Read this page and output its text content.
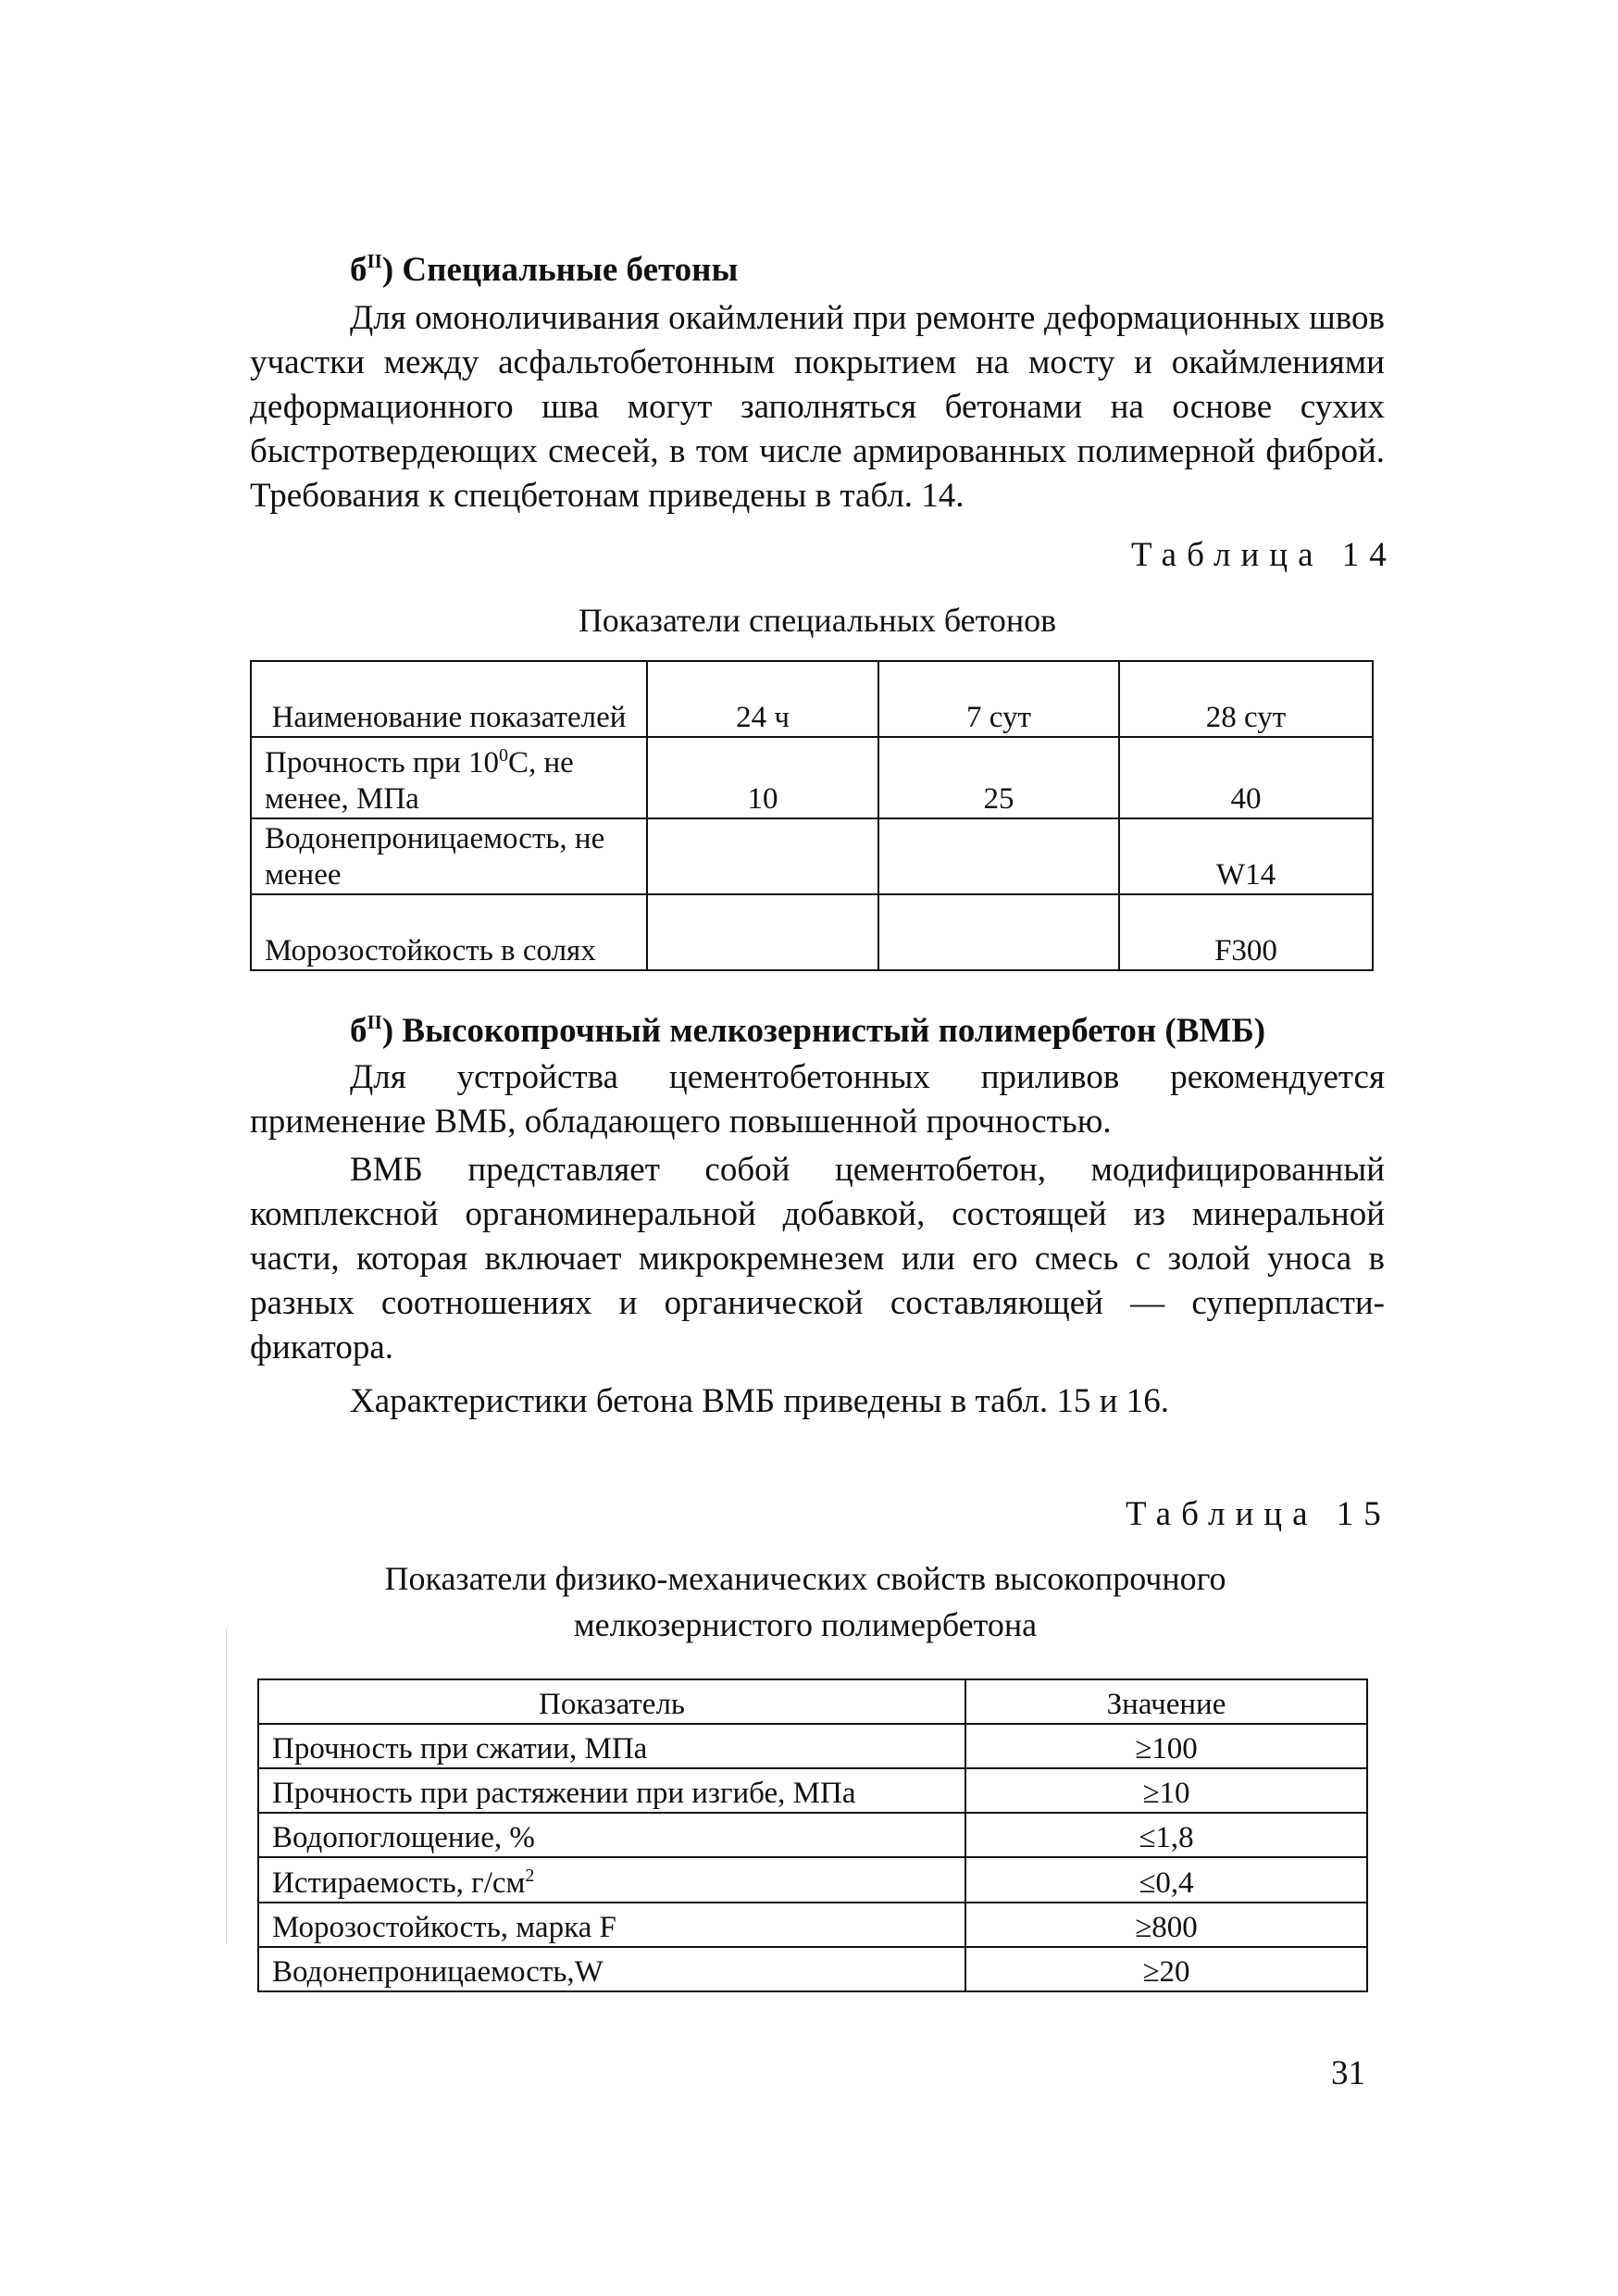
$б^{II}$) Специальные бетоны
Для омоноличивания окаймлений при ремонте деформационных швов участки между асфальтобетонным покрытием на мосту и окаймлениями деформационного шва могут заполняться бетонами на основе сухих быстротвердеющих смесей, в том числе армированных полимерной фиброй. Требования к спецбетонам приведены в табл. 14.
Таблица 14
Показатели специальных бетонов
Наименование показателей	24 ч	7 сут	28 сут
Прочность при $10^0С$, не менее, МПа	10	25	40
Водонепроницаемость, не менее			W14
Морозостойкость в солях			F300
$б^{II}$) Высокопрочный мелкозернистый полимербетон (ВМБ)
Для устройства цементобетонных приливов рекомендуется применение ВМБ, обладающего повышенной прочностью.
ВМБ представляет собой цементобетон, модифицированный комплексной органоминеральной добавкой, состоящей из минеральной части, которая включает микрокремнезем или его смесь с золой уноса в разных соотношениях и органической составляющей — суперпласти-фикатора.
Характеристики бетона ВМБ приведены в табл. 15 и 16.
Таблица 15
Показатели физико-механических свойств высокопрочного мелкозернистого полимербетона
Показатель	Значение
Прочность при сжатии, МПа	≥100
Прочность при растяжении при изгибе, МПа	≥10
Водопоглощение, %	≤1,8
Истираемость, $г/см^2$	≤0,4
Морозостойкость, марка F	≥800
Водонепроницаемость,W	≥20
31
